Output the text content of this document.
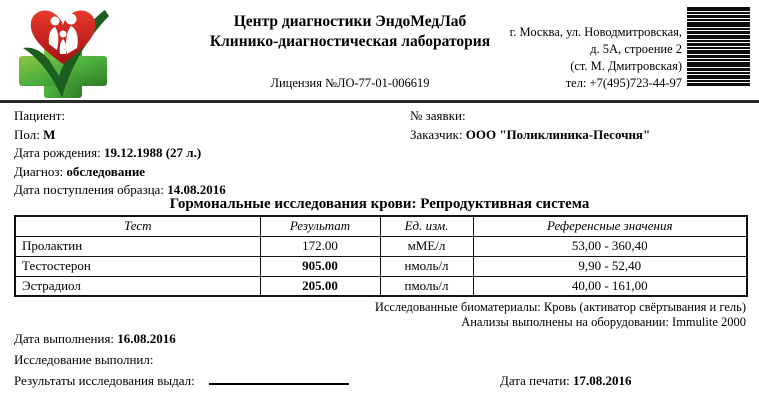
Центр диагностики ЭндоМедЛаб
Клинико-диагностическая лаборатория
Лицензия №ЛО-77-01-006619
г. Москва, ул. Новодмитровская,
д. 5А, строение 2
(ст. М. Дмитровская)
тел: +7(495)723-44-97
Пациент:
Пол: М
Дата рождения: 19.12.1988 (27 л.)
Диагноз: обследование
Дата поступления образца: 14.08.2016
№ заявки:
Заказчик: ООО "Поликлиника-Песочня"
Гормональные исследования крови: Репродуктивная система
Тест	Результат	Ед. изм.	Референсные значения
Пролактин	172.00	мМЕ/л	53,00 - 360,40
Тестостерон	905.00	нмоль/л	9,90 - 52,40
Эстрадиол	205.00	пмоль/л	40,00 - 161,00
Исследованные биоматериалы: Кровь (активатор свёртывания и гель)
Анализы выполнены на оборудовании: Immulite 2000
Дата выполнения: 16.08.2016
Исследование выполнил:
Результаты исследования выдал:	Дата печати: 17.08.2016
